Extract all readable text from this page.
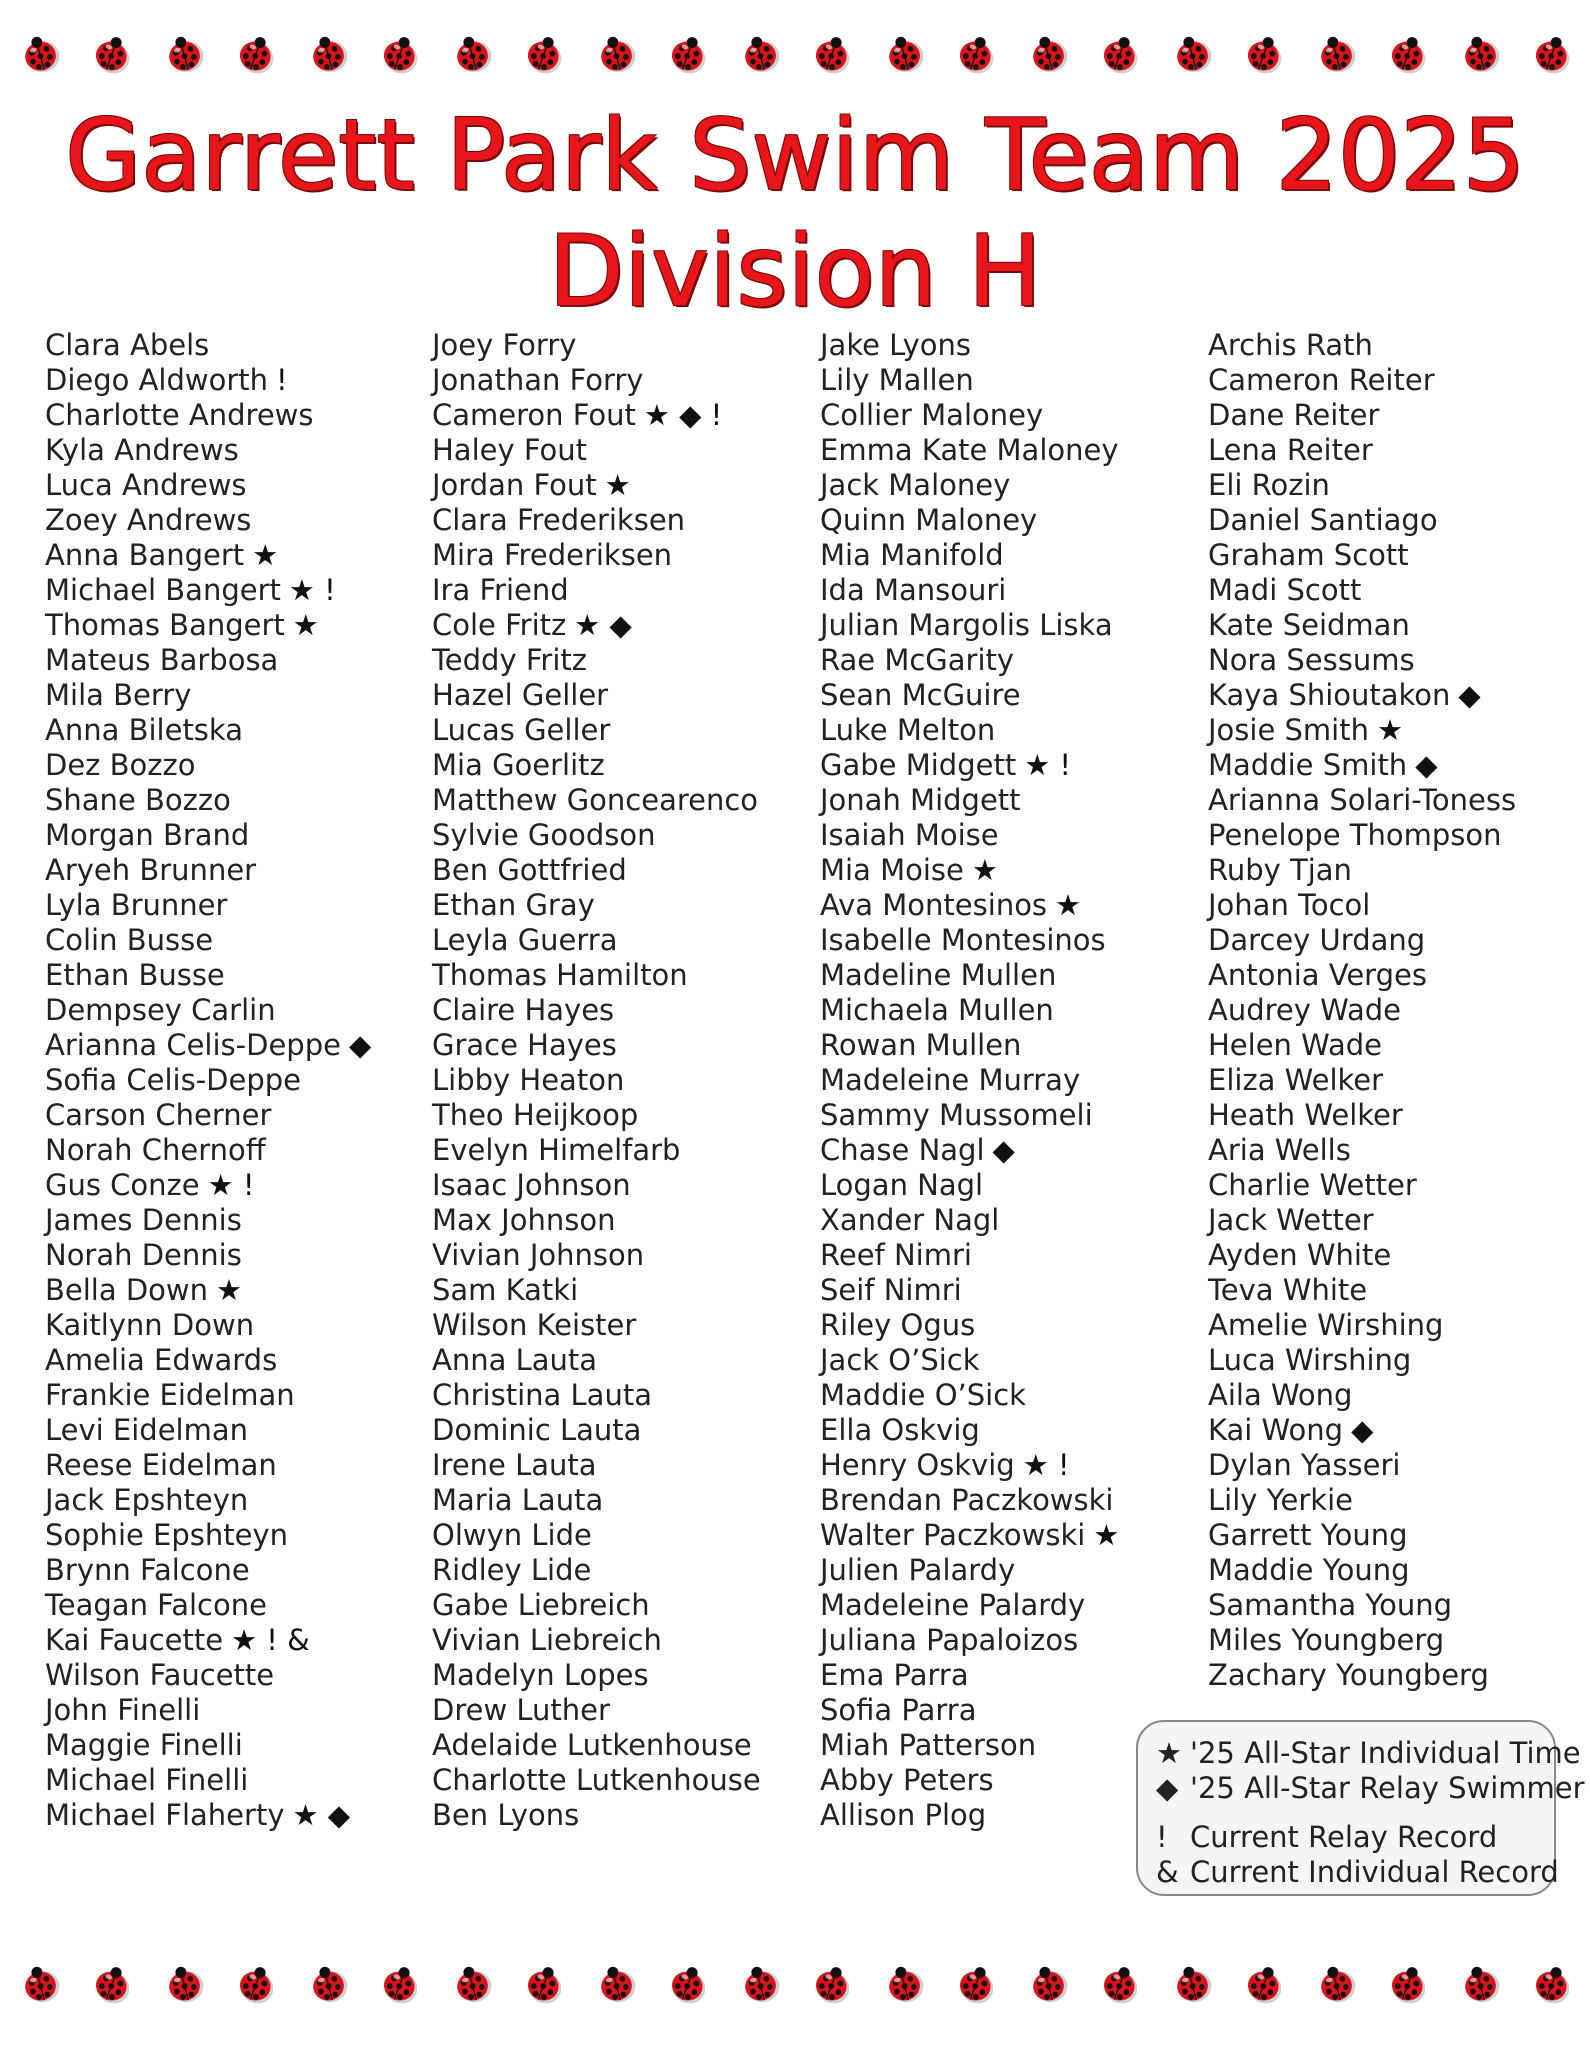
Garrett Park Swim Team 2025
Division H
Clara Abels
Diego Aldworth !
Charlotte Andrews
Kyla Andrews
Luca Andrews
Zoey Andrews
Anna Bangert ★
Michael Bangert ★ !
Thomas Bangert ★
Mateus Barbosa
Mila Berry
Anna Biletska
Dez Bozzo
Shane Bozzo
Morgan Brand
Aryeh Brunner
Lyla Brunner
Colin Busse
Ethan Busse
Dempsey Carlin
Arianna Celis-Deppe ◆
Sofia Celis-Deppe
Carson Cherner
Norah Chernoff
Gus Conze ★ !
James Dennis
Norah Dennis
Bella Down ★
Kaitlynn Down
Amelia Edwards
Frankie Eidelman
Levi Eidelman
Reese Eidelman
Jack Epshteyn
Sophie Epshteyn
Brynn Falcone
Teagan Falcone
Kai Faucette ★ ! &
Wilson Faucette
John Finelli
Maggie Finelli
Michael Finelli
Michael Flaherty ★ ◆
Joey Forry
Jonathan Forry
Cameron Fout ★ ◆ !
Haley Fout
Jordan Fout ★
Clara Frederiksen
Mira Frederiksen
Ira Friend
Cole Fritz ★ ◆
Teddy Fritz
Hazel Geller
Lucas Geller
Mia Goerlitz
Matthew Goncearenco
Sylvie Goodson
Ben Gottfried
Ethan Gray
Leyla Guerra
Thomas Hamilton
Claire Hayes
Grace Hayes
Libby Heaton
Theo Heijkoop
Evelyn Himelfarb
Isaac Johnson
Max Johnson
Vivian Johnson
Sam Katki
Wilson Keister
Anna Lauta
Christina Lauta
Dominic Lauta
Irene Lauta
Maria Lauta
Olwyn Lide
Ridley Lide
Gabe Liebreich
Vivian Liebreich
Madelyn Lopes
Drew Luther
Adelaide Lutkenhouse
Charlotte Lutkenhouse
Ben Lyons
Jake Lyons
Lily Mallen
Collier Maloney
Emma Kate Maloney
Jack Maloney
Quinn Maloney
Mia Manifold
Ida Mansouri
Julian Margolis Liska
Rae McGarity
Sean McGuire
Luke Melton
Gabe Midgett ★ !
Jonah Midgett
Isaiah Moise
Mia Moise ★
Ava Montesinos ★
Isabelle Montesinos
Madeline Mullen
Michaela Mullen
Rowan Mullen
Madeleine Murray
Sammy Mussomeli
Chase Nagl ◆
Logan Nagl
Xander Nagl
Reef Nimri
Seif Nimri
Riley Ogus
Jack O’Sick
Maddie O’Sick
Ella Oskvig
Henry Oskvig ★ !
Brendan Paczkowski
Walter Paczkowski ★
Julien Palardy
Madeleine Palardy
Juliana Papaloizos
Ema Parra
Sofia Parra
Miah Patterson
Abby Peters
Allison Plog
Archis Rath
Cameron Reiter
Dane Reiter
Lena Reiter
Eli Rozin
Daniel Santiago
Graham Scott
Madi Scott
Kate Seidman
Nora Sessums
Kaya Shioutakon ◆
Josie Smith ★
Maddie Smith ◆
Arianna Solari-Toness
Penelope Thompson
Ruby Tjan
Johan Tocol
Darcey Urdang
Antonia Verges
Audrey Wade
Helen Wade
Eliza Welker
Heath Welker
Aria Wells
Charlie Wetter
Jack Wetter
Ayden White
Teva White
Amelie Wirshing
Luca Wirshing
Aila Wong
Kai Wong ◆
Dylan Yasseri
Lily Yerkie
Garrett Young
Maddie Young
Samantha Young
Miles Youngberg
Zachary Youngberg
★ '25 All-Star Individual Time
◆ '25 All-Star Relay Swimmer
! Current Relay Record
& Current Individual Record
